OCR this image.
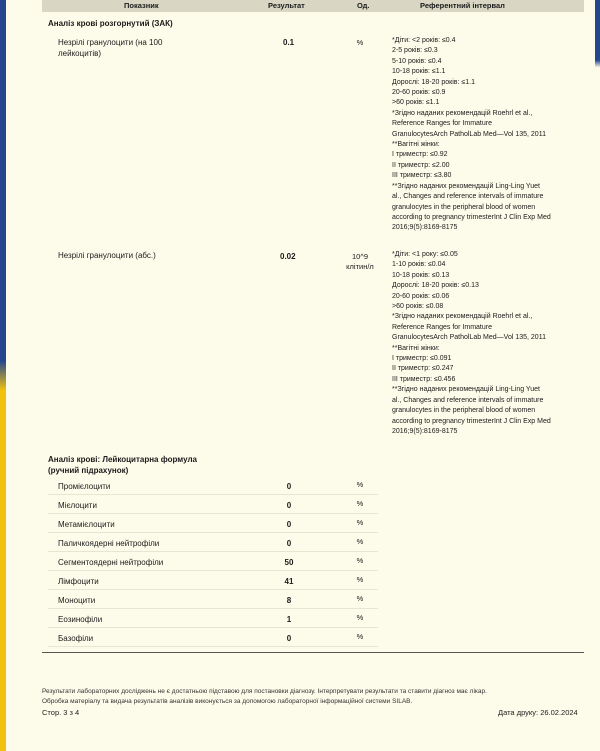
Показник	Результат	Од.	Референтний інтервал
Аналіз крові розгорнутий (ЗАК)
Незрілі гранулоцити (на 100
лейкоцитів)
0.1	%	*Діти: <2 років: ≤0.4
2-5 років: ≤0.3
5-10 років: ≤0.4
10-18 років: ≤1.1
Дорослі: 18-20 років: ≤1.1
20-60 років: ≤0.9
>60 років: ≤1.1
*Згідно наданих рекомендацій Roehrl et al.,
Reference Ranges for Immature
GranulocytesArch PatholLab Med—Vol 135, 2011
**Вагітні жінки:
I триместр: ≤0.92
II триместр: ≤2.00
III триместр: ≤3.80
**Згідно наданих рекомендацій Ling-Ling Yuet
al., Changes and reference intervals of immature
granulocytes in the peripheral blood of women
according to pregnancy trimesterInt J Clin Exp Med
2016;9(5):8169-8175
Незрілі гранулоцити (абс.)	0.02	10^9
клітин/л
*Діти: <1 року: ≤0.05
1-10 років: ≤0.04
10-18 років: ≤0.13
Дорослі: 18-20 років: ≤0.13
20-60 років: ≤0.06
>60 років: ≤0.08
*Згідно наданих рекомендацій Roehrl et al.,
Reference Ranges for Immature
GranulocytesArch PatholLab Med—Vol 135, 2011
**Вагітні жінки:
I триместр: ≤0.091
II триместр: ≤0.247
III триместр: ≤0.456
**Згідно наданих рекомендацій Ling-Ling Yuet
al., Changes and reference intervals of immature
granulocytes in the peripheral blood of women
according to pregnancy trimesterInt J Clin Exp Med
2016;9(5):8169-8175
Аналіз крові: Лейкоцитарна формула
(ручний підрахунок)
Промієлоцити	0	%
Мієлоцити	0	%
Метамієлоцити	0	%
Паличкоядерні нейтрофіли	0	%
Сегментоядерні нейтрофіли	50	%
Лімфоцити	41	%
Моноцити	8	%
Еозинофіли	1	%
Базофіли	0	%
Результати лабораторних досліджень не є достатньою підставою для постановки діагнозу. Інтерпретувати результати та ставити діагноз має лікар.
Обробка матеріалу та видача результатів аналізів виконується за допомогою лабораторної інформаційної системи SILAB.
Стор. 3 з 4	Дата друку: 26.02.2024
